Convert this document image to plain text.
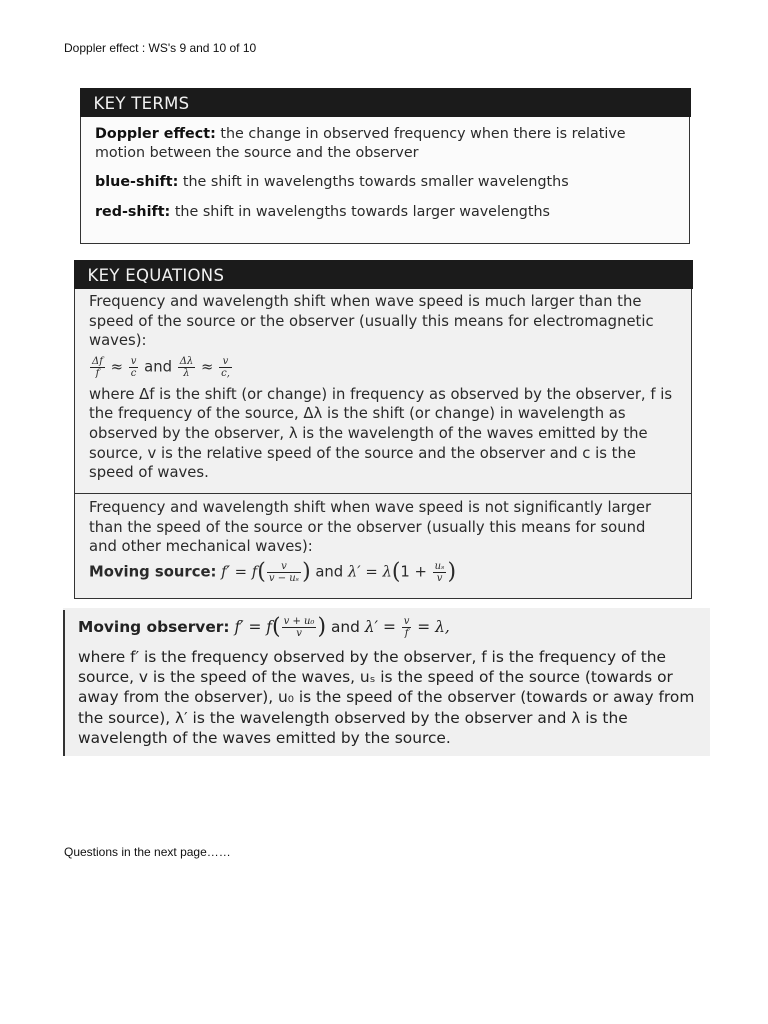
Doppler effect : WS's 9 and 10 of 10
KEY TERMS

Doppler effect: the change in observed frequency when there is relative motion between the source and the observer

blue-shift: the shift in wavelengths towards smaller wavelengths

red-shift: the shift in wavelengths towards larger wavelengths

KEY EQUATIONS

Frequency and wavelength shift when wave speed is much larger than the speed of the source or the observer (usually this means for electromagnetic waves):

$\frac{\Delta f}{f} \approx \frac{v}{c}$ and $\frac{\Delta\lambda}{\lambda} \approx \frac{v}{c,}$

where Δf is the shift (or change) in frequency as observed by the observer, f is the frequency of the source, Δλ is the shift (or change) in wavelength as observed by the observer, λ is the wavelength of the waves emitted by the source, v is the relative speed of the source and the observer and c is the speed of waves.

Frequency and wavelength shift when wave speed is not significantly larger than the speed of the source or the observer (usually this means for sound and other mechanical waves):

Moving source: $f' = f( \frac{v}{\text{v − uₛ}}$ ) and $\lambda' = \lambda(1 + \frac{\text{uₛ}}{v}$ )
Moving observer: $f' = f( \frac{\text{v + u₀}}{v}$ ) and $\lambda' = \frac{v}{f} = \lambda$,

where f′ is the frequency observed by the observer, f is the frequency of the source, v is the speed of the waves, uₛ is the speed of the source (towards or away from the observer), u₀ is the speed of the observer (towards or away from the source), λ′ is the wavelength observed by the observer and λ is the wavelength of the waves emitted by the source.

Questions in the next page……
